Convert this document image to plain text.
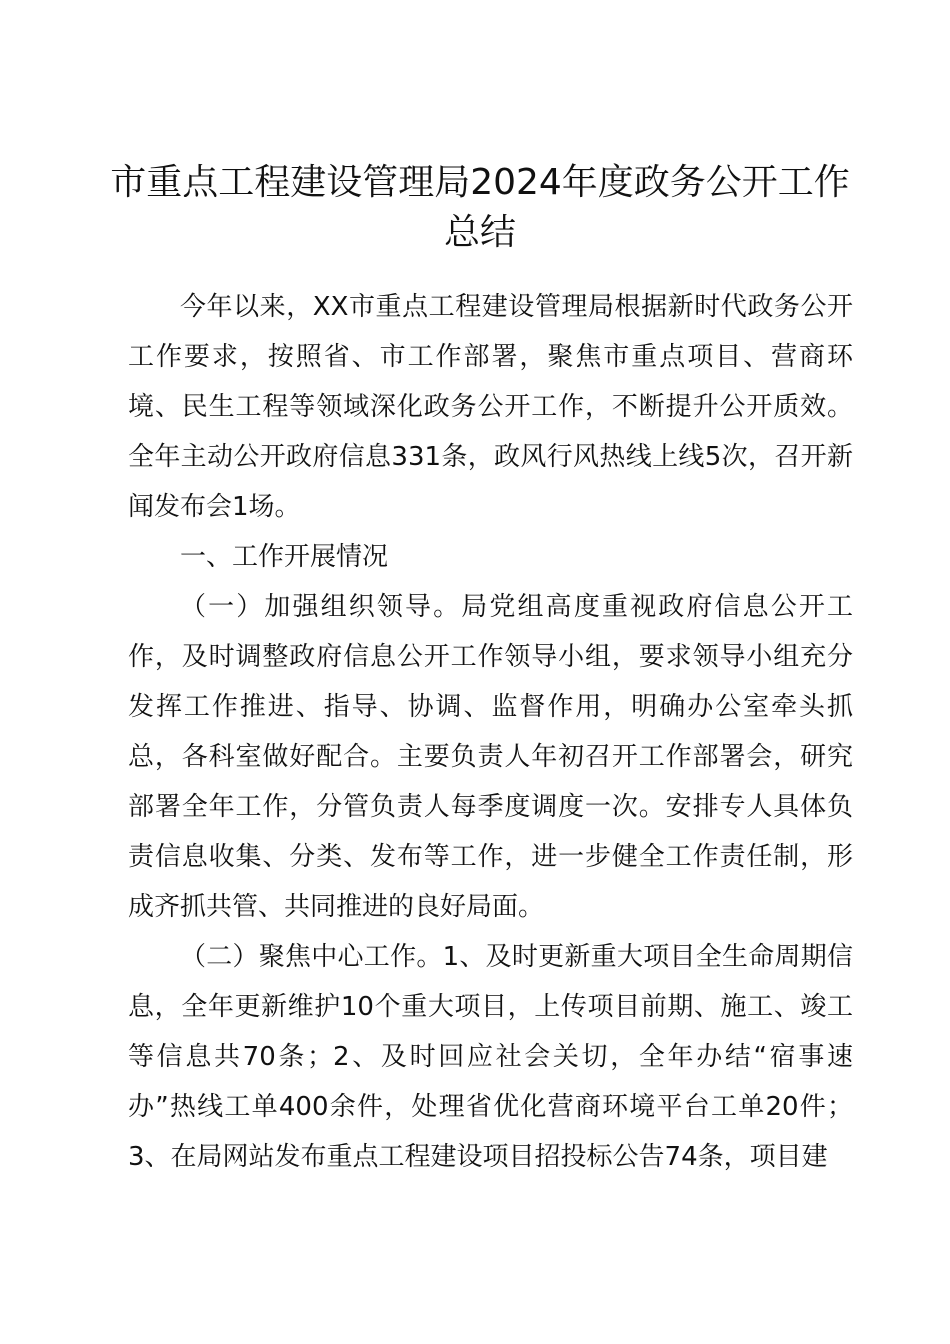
市重点工程建设管理局2024年度政务公开工作总结

今年以来，XX市重点工程建设管理局根据新时代政务公开工作要求，按照省、市工作部署，聚焦市重点项目、营商环境、民生工程等领域深化政务公开工作，不断提升公开质效。全年主动公开政府信息331条，政风行风热线上线5次，召开新闻发布会1场。

一、工作开展情况

（一）加强组织领导。局党组高度重视政府信息公开工作，及时调整政府信息公开工作领导小组，要求领导小组充分发挥工作推进、指导、协调、监督作用，明确办公室牵头抓总，各科室做好配合。主要负责人年初召开工作部署会，研究部署全年工作，分管负责人每季度调度一次。安排专人具体负责信息收集、分类、发布等工作，进一步健全工作责任制，形成齐抓共管、共同推进的良好局面。

（二）聚焦中心工作。1、及时更新重大项目全生命周期信息，全年更新维护10个重大项目，上传项目前期、施工、竣工等信息共70条；2、及时回应社会关切，全年办结“宿事速办”热线工单400余件，处理省优化营商环境平台工单20件；3、在局网站发布重点工程建设项目招投标公告74条，项目建
